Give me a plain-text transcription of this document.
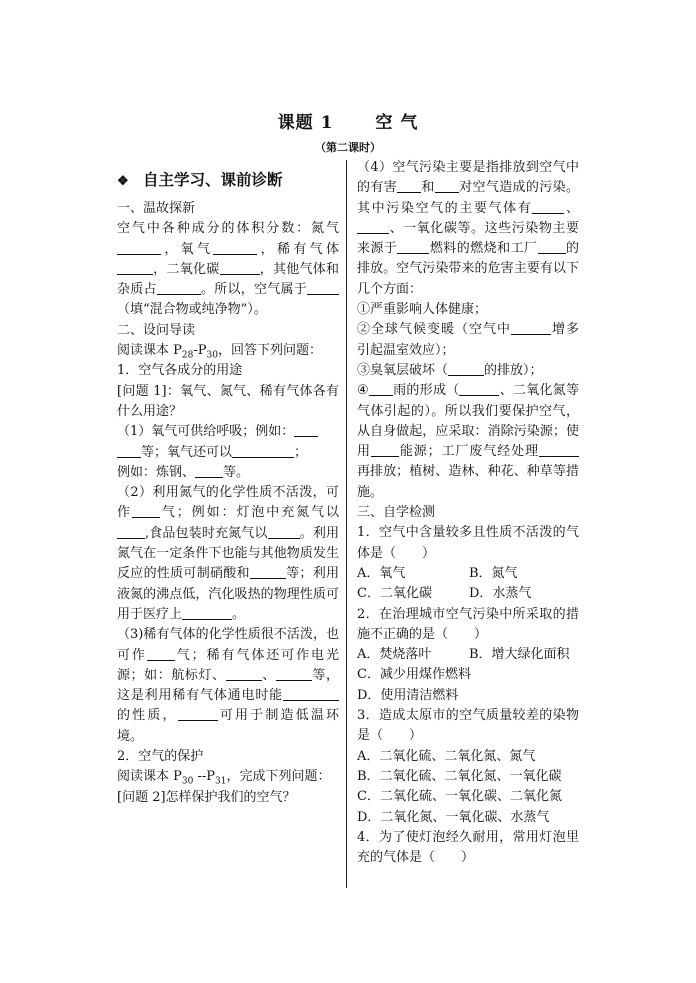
课题 1 空 气
（第二课时）
❖ 自主学习、课前诊断

一、温故探新

空气中各种成分的体积分数：氮气，氧气	，稀有气体，二氧化碳	，其他气体和杂质占	。所以，空气属于（填“混合物或纯净物”）。

二、设问导读

阅读课本 $P_{28}-P_{30}$，回答下列问题：

1．空气各成分的用途

[问题 1]：氧气、氮气、稀有气体各有什么用途？

（1）氧气可供给呼吸；例如：
等；氧气还可以	；
例如：炼钢、 等。

（2）利用氮气的化学性质不活泼，可作 气；例如：灯泡中充氮气以,食品包装时充氮气以 。利用氮气在一定条件下也能与其他物质发生反应的性质可制硝酸和	等；利用液氮的沸点低，汽化吸热的物理性质可用于医疗上	。

（3)稀有气体的化学性质很不活泼，也可作 气；稀有气体还可作电光源；如：航标灯、	、	等，这是利用稀有气体通电时能的性质，	可用于制造低温环境。

2．空气的保护

阅读课本 $P_{30}$ $--P_{31}$，完成下列问题：

[问题 2]怎样保护我们的空气？

（4）空气污染主要是指排放到空气中的有害 和 对空气造成的污染。其中污染空气的主要气体有 、、一氧化碳等。这些污染物主要来源于 燃料的燃烧和工厂 的排放。空气污染带来的危害主要有以下几个方面：

①严重影响人体健康；

②全球气候变暖（空气中	增多引起温室效应）；

③臭氧层破坏（	的排放）；

④ 雨的形成（	、二氧化氮等气体引起的）。所以我们要保护空气，从自身做起，应采取：消除污染源；使用 能源；工厂废气经处理再排放；植树、造林、种花、种草等措施。

三、自学检测

1．空气中含量较多且性质不活泼的气体是（　　）

A．氧气	B．氮气

C．二氧化碳	D．水蒸气

2．在治理城市空气污染中所采取的措施不正确的是（　　）

A．焚烧落叶	B．增大绿化面积

C．减少用煤作燃料

D．使用清洁燃料

3．造成太原市的空气质量较差的染物是（　　）

A．二氧化硫、二氧化氮、氮气

B．二氧化硫、二氧化氮、一氧化碳

C．二氧化硫、一氧化碳、二氧化氮

D．二氧化氮、一氧化碳、水蒸气

4．为了使灯泡经久耐用，常用灯泡里充的气体是（　　）
